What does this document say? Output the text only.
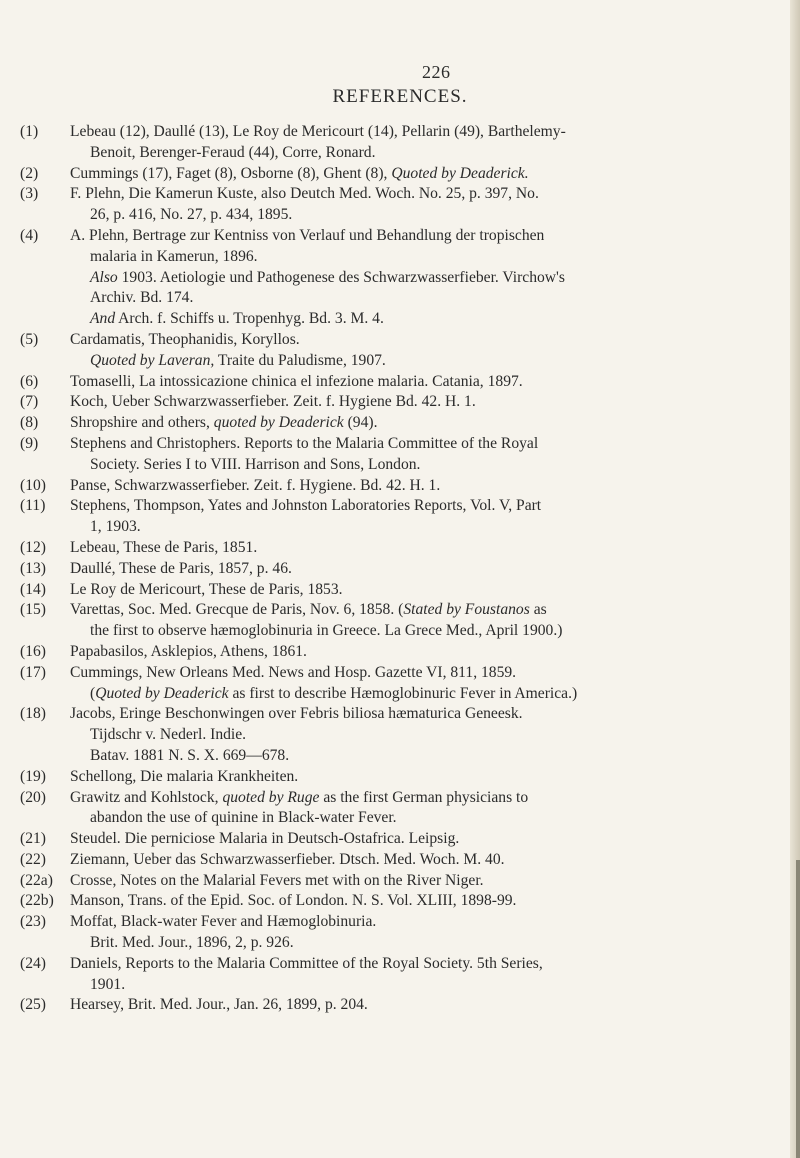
226
REFERENCES.
(1) Lebeau (12), Daullé (13), Le Roy de Mericourt (14), Pellarin (49), Barthelemy-
Benoit, Berenger-Feraud (44), Corre, Ronard.
(2) Cummings (17), Faget (8), Osborne (8), Ghent (8), Quoted by Deaderick.
(3) F. Plehn, Die Kamerun Kuste, also Deutch Med. Woch. No. 25, p. 397, No.
26, p. 416, No. 27, p. 434, 1895.
(4) A. Plehn, Bertrage zur Kentniss von Verlauf und Behandlung der tropischen
malaria in Kamerun, 1896.
Also 1903. Aetiologie und Pathogenese des Schwarzwasserfieber. Virchow's
Archiv. Bd. 174.
And Arch. f. Schiffs u. Tropenhyg. Bd. 3. M. 4.
(5) Cardamatis, Theophanidis, Koryllos.
Quoted by Laveran, Traite du Paludisme, 1907.
(6) Tomaselli, La intossicazione chinica el infezione malaria. Catania, 1897.
(7) Koch, Ueber Schwarzwasserfieber. Zeit. f. Hygiene Bd. 42. H. 1.
(8) Shropshire and others, quoted by Deaderick (94).
(9) Stephens and Christophers. Reports to the Malaria Committee of the Royal
Society. Series I to VIII. Harrison and Sons, London.
(10) Panse, Schwarzwasserfieber. Zeit. f. Hygiene. Bd. 42. H. 1.
(11) Stephens, Thompson, Yates and Johnston Laboratories Reports, Vol. V, Part
1, 1903.
(12) Lebeau, These de Paris, 1851.
(13) Daullé, These de Paris, 1857, p. 46.
(14) Le Roy de Mericourt, These de Paris, 1853.
(15) Varettas, Soc. Med. Grecque de Paris, Nov. 6, 1858. (Stated by Foustanos as
the first to observe hæmoglobinuria in Greece. La Grece Med., April 1900.)
(16) Papabasilos, Asklepios, Athens, 1861.
(17) Cummings, New Orleans Med. News and Hosp. Gazette VI, 811, 1859.
(Quoted by Deaderick as first to describe Hæmoglobinuric Fever in America.)
(18) Jacobs, Eringe Beschonwingen over Febris biliosa hæmaturica Geneesk.
Tijdschr v. Nederl. Indie.
Batav. 1881 N. S. X. 669—678.
(19) Schellong, Die malaria Krankheiten.
(20) Grawitz and Kohlstock, quoted by Ruge as the first German physicians to
abandon the use of quinine in Black-water Fever.
(21) Steudel. Die perniciose Malaria in Deutsch-Ostafrica. Leipsig.
(22) Ziemann, Ueber das Schwarzwasserfieber. Dtsch. Med. Woch. M. 40.
(22a) Crosse, Notes on the Malarial Fevers met with on the River Niger.
(22b) Manson, Trans. of the Epid. Soc. of London. N. S. Vol. XLIII, 1898-99.
(23) Moffat, Black-water Fever and Hæmoglobinuria.
Brit. Med. Jour., 1896, 2, p. 926.
(24) Daniels, Reports to the Malaria Committee of the Royal Society. 5th Series,
1901.
(25) Hearsey, Brit. Med. Jour., Jan. 26, 1899, p. 204.
